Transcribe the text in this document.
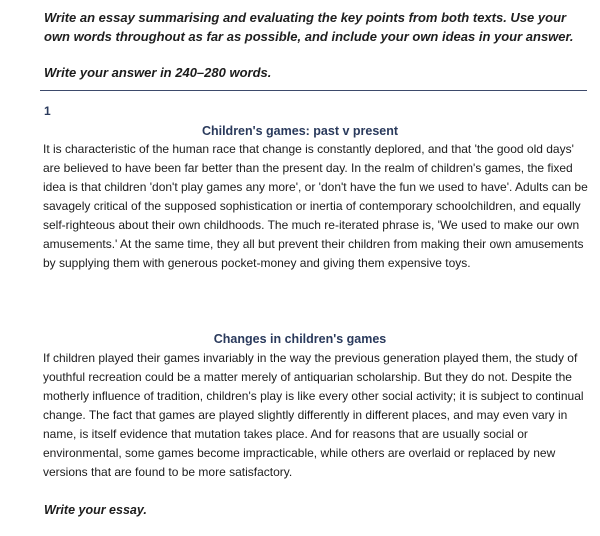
Write an essay summarising and evaluating the key points from both texts. Use your own words throughout as far as possible, and include your own ideas in your answer.
Write your answer in 240–280 words.
1
Children's games: past v present
It is characteristic of the human race that change is constantly deplored, and that 'the good old days' are believed to have been far better than the present day. In the realm of children's games, the fixed idea is that children 'don't play games any more', or 'don't have the fun we used to have'. Adults can be savagely critical of the supposed sophistication or inertia of contemporary schoolchildren, and equally self-righteous about their own childhoods. The much re-iterated phrase is, 'We used to make our own amusements.' At the same time, they all but prevent their children from making their own amusements by supplying them with generous pocket-money and giving them expensive toys.
Changes in children's games
If children played their games invariably in the way the previous generation played them, the study of youthful recreation could be a matter merely of antiquarian scholarship. But they do not. Despite the motherly influence of tradition, children's play is like every other social activity; it is subject to continual change. The fact that games are played slightly differently in different places, and may even vary in name, is itself evidence that mutation takes place. And for reasons that are usually social or environmental, some games become impracticable, while others are overlaid or replaced by new versions that are found to be more satisfactory.
Write your essay.
